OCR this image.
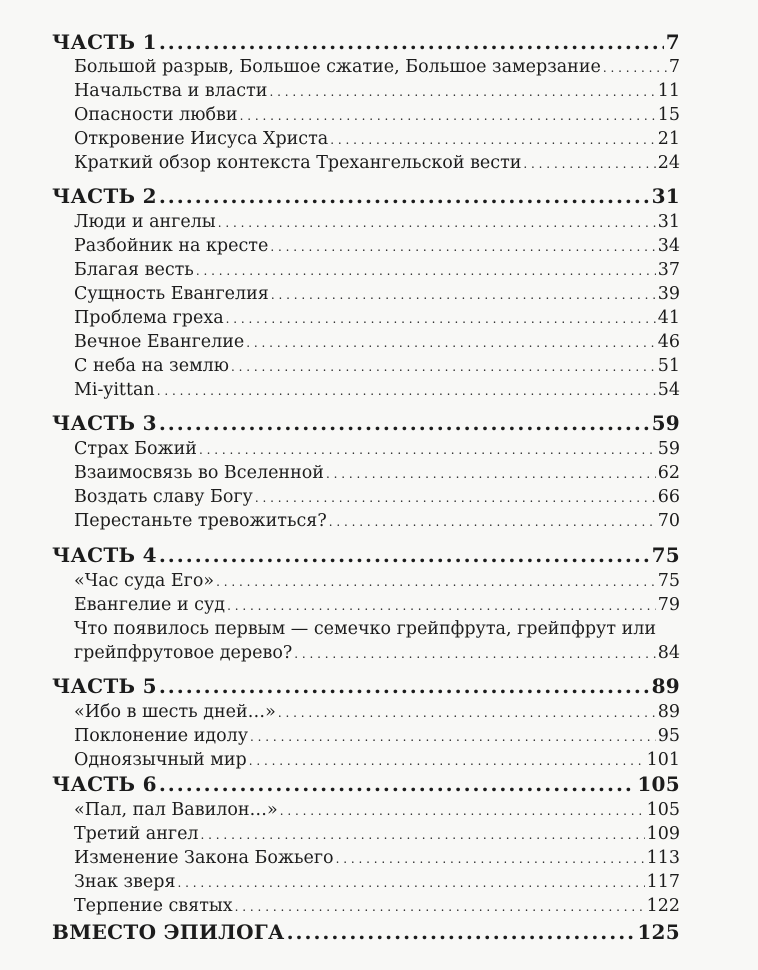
ЧАСТЬ 1 .....	7
Большой разрыв, Большое сжатие, Большое замерзание . . .	7
Начальства и власти . . .	11
Опасности любви . . .	15
Откровение Иисуса Христа . . .	21
Краткий обзор контекста Трехангельской вести . . .	24
ЧАСТЬ 2 .....	31
Люди и ангелы . . .	31
Разбойник на кресте . . .	34
Благая весть . . .	37
Сущность Евангелия . . .	39
Проблема греха . . .	41
Вечное Евангелие . . .	46
С неба на землю . . .	51
Mi-yittan . . .	54
ЧАСТЬ 3 .....	59
Страх Божий . . .	59
Взаимосвязь во Вселенной . . .	62
Воздать славу Богу . . .	66
Перестаньте тревожиться? . . .	70
ЧАСТЬ 4 .....	75
«Час суда Его» . . .	75
Евангелие и суд . . .	79
Что появилось первым — семечко грейпфрута, грейпфрут или
грейпфрутовое дерево? . . .	84
ЧАСТЬ 5 .....	89
«Ибо в шесть дней…» . . .	89
Поклонение идолу . . .	95
Одноязычный мир . . .	101
ЧАСТЬ 6 .....	105
«Пал, пал Вавилон…» . . .	105
Третий ангел . . .	109
Изменение Закона Божьего . . .	113
Знак зверя . . .	117
Терпение святых . . .	122
ВМЕСТО ЭПИЛОГА .....	125
